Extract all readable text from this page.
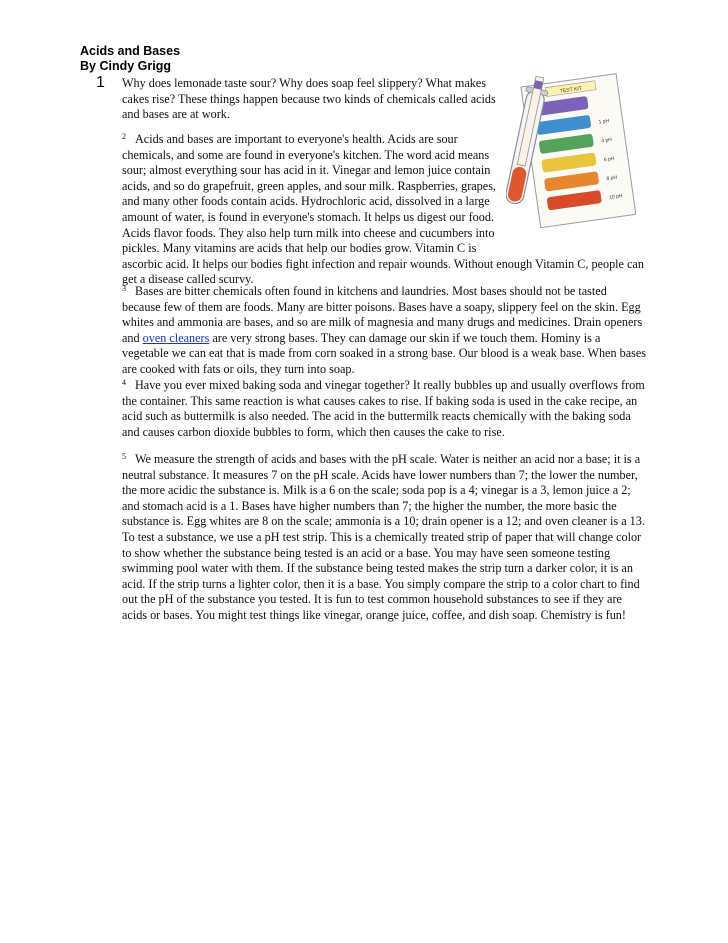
Acids and Bases
By Cindy Grigg
1 Why does lemonade taste sour? Why does soap feel slippery? What makes cakes rise? These things happen because two kinds of chemicals called acids and bases are at work.

$^2$ Acids and bases are important to everyone's health. Acids are sour chemicals, and some are found in everyone's kitchen. The word acid means sour; almost everything sour has acid in it. Vinegar and lemon juice contain acids, and so do grapefruit, green apples, and sour milk. Raspberries, grapes, and many other foods contain acids. Hydrochloric acid, dissolved in a large amount of water, is found in everyone's stomach. It helps us digest our food. Acids flavor foods. They also help turn milk into cheese and cucumbers into pickles. Many vitamins are acids that help our bodies grow. Vitamin C is ascorbic acid. It helps our bodies fight infection and repair wounds. Without enough Vitamin C, people can get a disease called scurvy.

$^3$ Bases are bitter chemicals often found in kitchens and laundries. Most bases should not be tasted because few of them are foods. Many are bitter poisons. Bases have a soapy, slippery feel on the skin. Egg whites and ammonia are bases, and so are milk of magnesia and many drugs and medicines. Drain openers and oven cleaners are very strong bases. They can damage our skin if we touch them. Hominy is a vegetable we can eat that is made from corn soaked in a strong base. Our blood is a weak base. When bases are cooked with fats or oils, they turn into soap.

$^4$ Have you ever mixed baking soda and vinegar together? It really bubbles up and usually overflows from the container. This same reaction is what causes cakes to rise. If baking soda is used in the cake recipe, an acid such as buttermilk is also needed. The acid in the buttermilk reacts chemically with the baking soda and causes carbon dioxide bubbles to form, which then causes the cake to rise.

$^5$ We measure the strength of acids and bases with the pH scale. Water is neither an acid nor a base; it is a neutral substance. It measures 7 on the pH scale. Acids have lower numbers than 7; the lower the number, the more acidic the substance is. Milk is a 6 on the scale; soda pop is a 4; vinegar is a 3, lemon juice a 2; and stomach acid is a 1. Bases have higher numbers than 7; the higher the number, the more basic the substance is. Egg whites are 8 on the scale; ammonia is a 10; drain opener is a 12; and oven cleaner is a 13. To test a substance, we use a pH test strip. This is a chemically treated strip of paper that will change color to show whether the substance being tested is an acid or a base. You may have seen someone testing swimming pool water with them. If the substance being tested makes the strip turn a darker color, it is an acid. If the strip turns a lighter color, then it is a base. You simply compare the strip to a color chart to find out the pH of the substance you tested. It is fun to test common household substances to see if they are acids or bases. You might test things like vinegar, orange juice, coffee, and dish soap. Chemistry is fun!

TEST KIT
1 pH
4 pH
6 pH
8 pH
10 pH
